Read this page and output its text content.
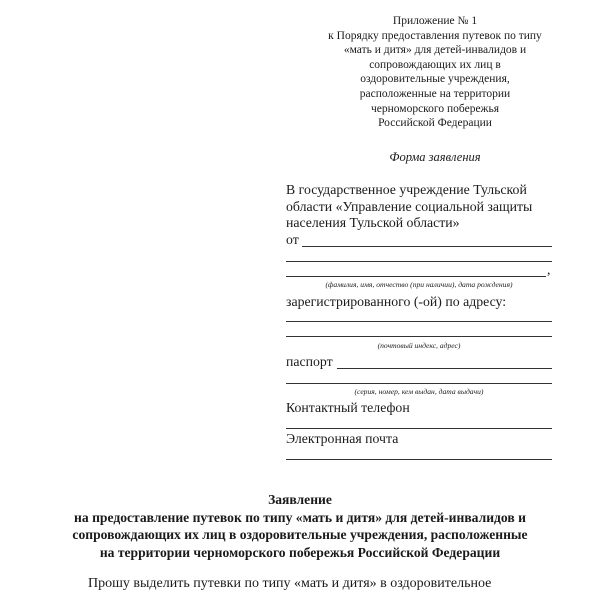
Приложение № 1
к Порядку предоставления путевок по типу
«мать и дитя» для детей-инвалидов и
сопровождающих их лиц в
оздоровительные учреждения,
расположенные на территории
черноморского побережья
Российской Федерации
Форма заявления
В государственное учреждение Тульской
области «Управление социальной защиты
населения Тульской области»
от
,
(фамилия, имя, отчество (при наличии), дата рождения)
зарегистрированного (-ой) по адресу:
(почтовый индекс, адрес)
паспорт
(серия, номер, кем выдан, дата выдачи)
Контактный телефон
Электронная почта
Заявление
на предоставление путевок по типу «мать и дитя» для детей-инвалидов и
сопровождающих их лиц в оздоровительные учреждения, расположенные
на территории черноморского побережья Российской Федерации
Прошу выделить путевки по типу «мать и дитя» в оздоровительное
